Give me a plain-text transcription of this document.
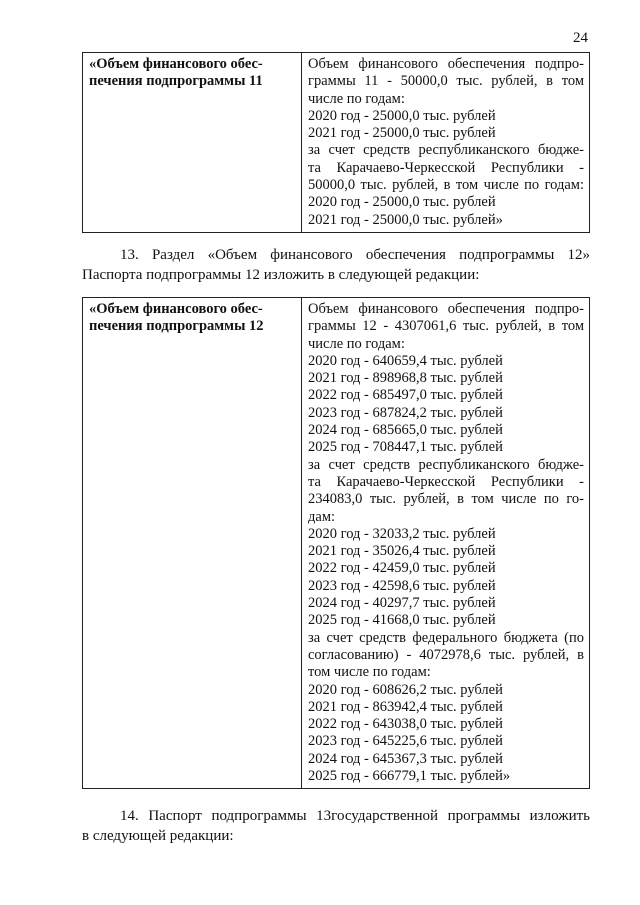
24
«Объем финансового обес-
печения подпрограммы 11

Объем финансового обеспечения подпро-
граммы 11 - 50000,0 тыс. рублей, в том
числе по годам:
2020 год - 25000,0 тыс. рублей
2021 год - 25000,0 тыс. рублей
за счет средств республиканского бюдже-
та Карачаево-Черкесской Республики -
50000,0 тыс. рублей, в том числе по годам:
2020 год - 25000,0 тыс. рублей
2021 год - 25000,0 тыс. рублей»
13. Раздел «Объем финансового обеспечения подпрограммы 12»
Паспорта подпрограммы 12 изложить в следующей редакции:
«Объем финансового обес-
печения подпрограммы 12

Объем финансового обеспечения подпро-
граммы 12 - 4307061,6 тыс. рублей, в том
числе по годам:
2020 год - 640659,4 тыс. рублей
2021 год - 898968,8 тыс. рублей
2022 год - 685497,0 тыс. рублей
2023 год - 687824,2 тыс. рублей
2024 год - 685665,0 тыс. рублей
2025 год - 708447,1 тыс. рублей
за счет средств республиканского бюдже-
та Карачаево-Черкесской Республики -
234083,0 тыс. рублей, в том числе по го-
дам:
2020 год - 32033,2 тыс. рублей
2021 год - 35026,4 тыс. рублей
2022 год - 42459,0 тыс. рублей
2023 год - 42598,6 тыс. рублей
2024 год - 40297,7 тыс. рублей
2025 год - 41668,0 тыс. рублей
за счет средств федерального бюджета (по
согласованию) - 4072978,6 тыс. рублей, в
том числе по годам:
2020 год - 608626,2 тыс. рублей
2021 год - 863942,4 тыс. рублей
2022 год - 643038,0 тыс. рублей
2023 год - 645225,6 тыс. рублей
2024 год - 645367,3 тыс. рублей
2025 год - 666779,1 тыс. рублей»
14. Паспорт подпрограммы 13государственной программы изложить
в следующей редакции:
